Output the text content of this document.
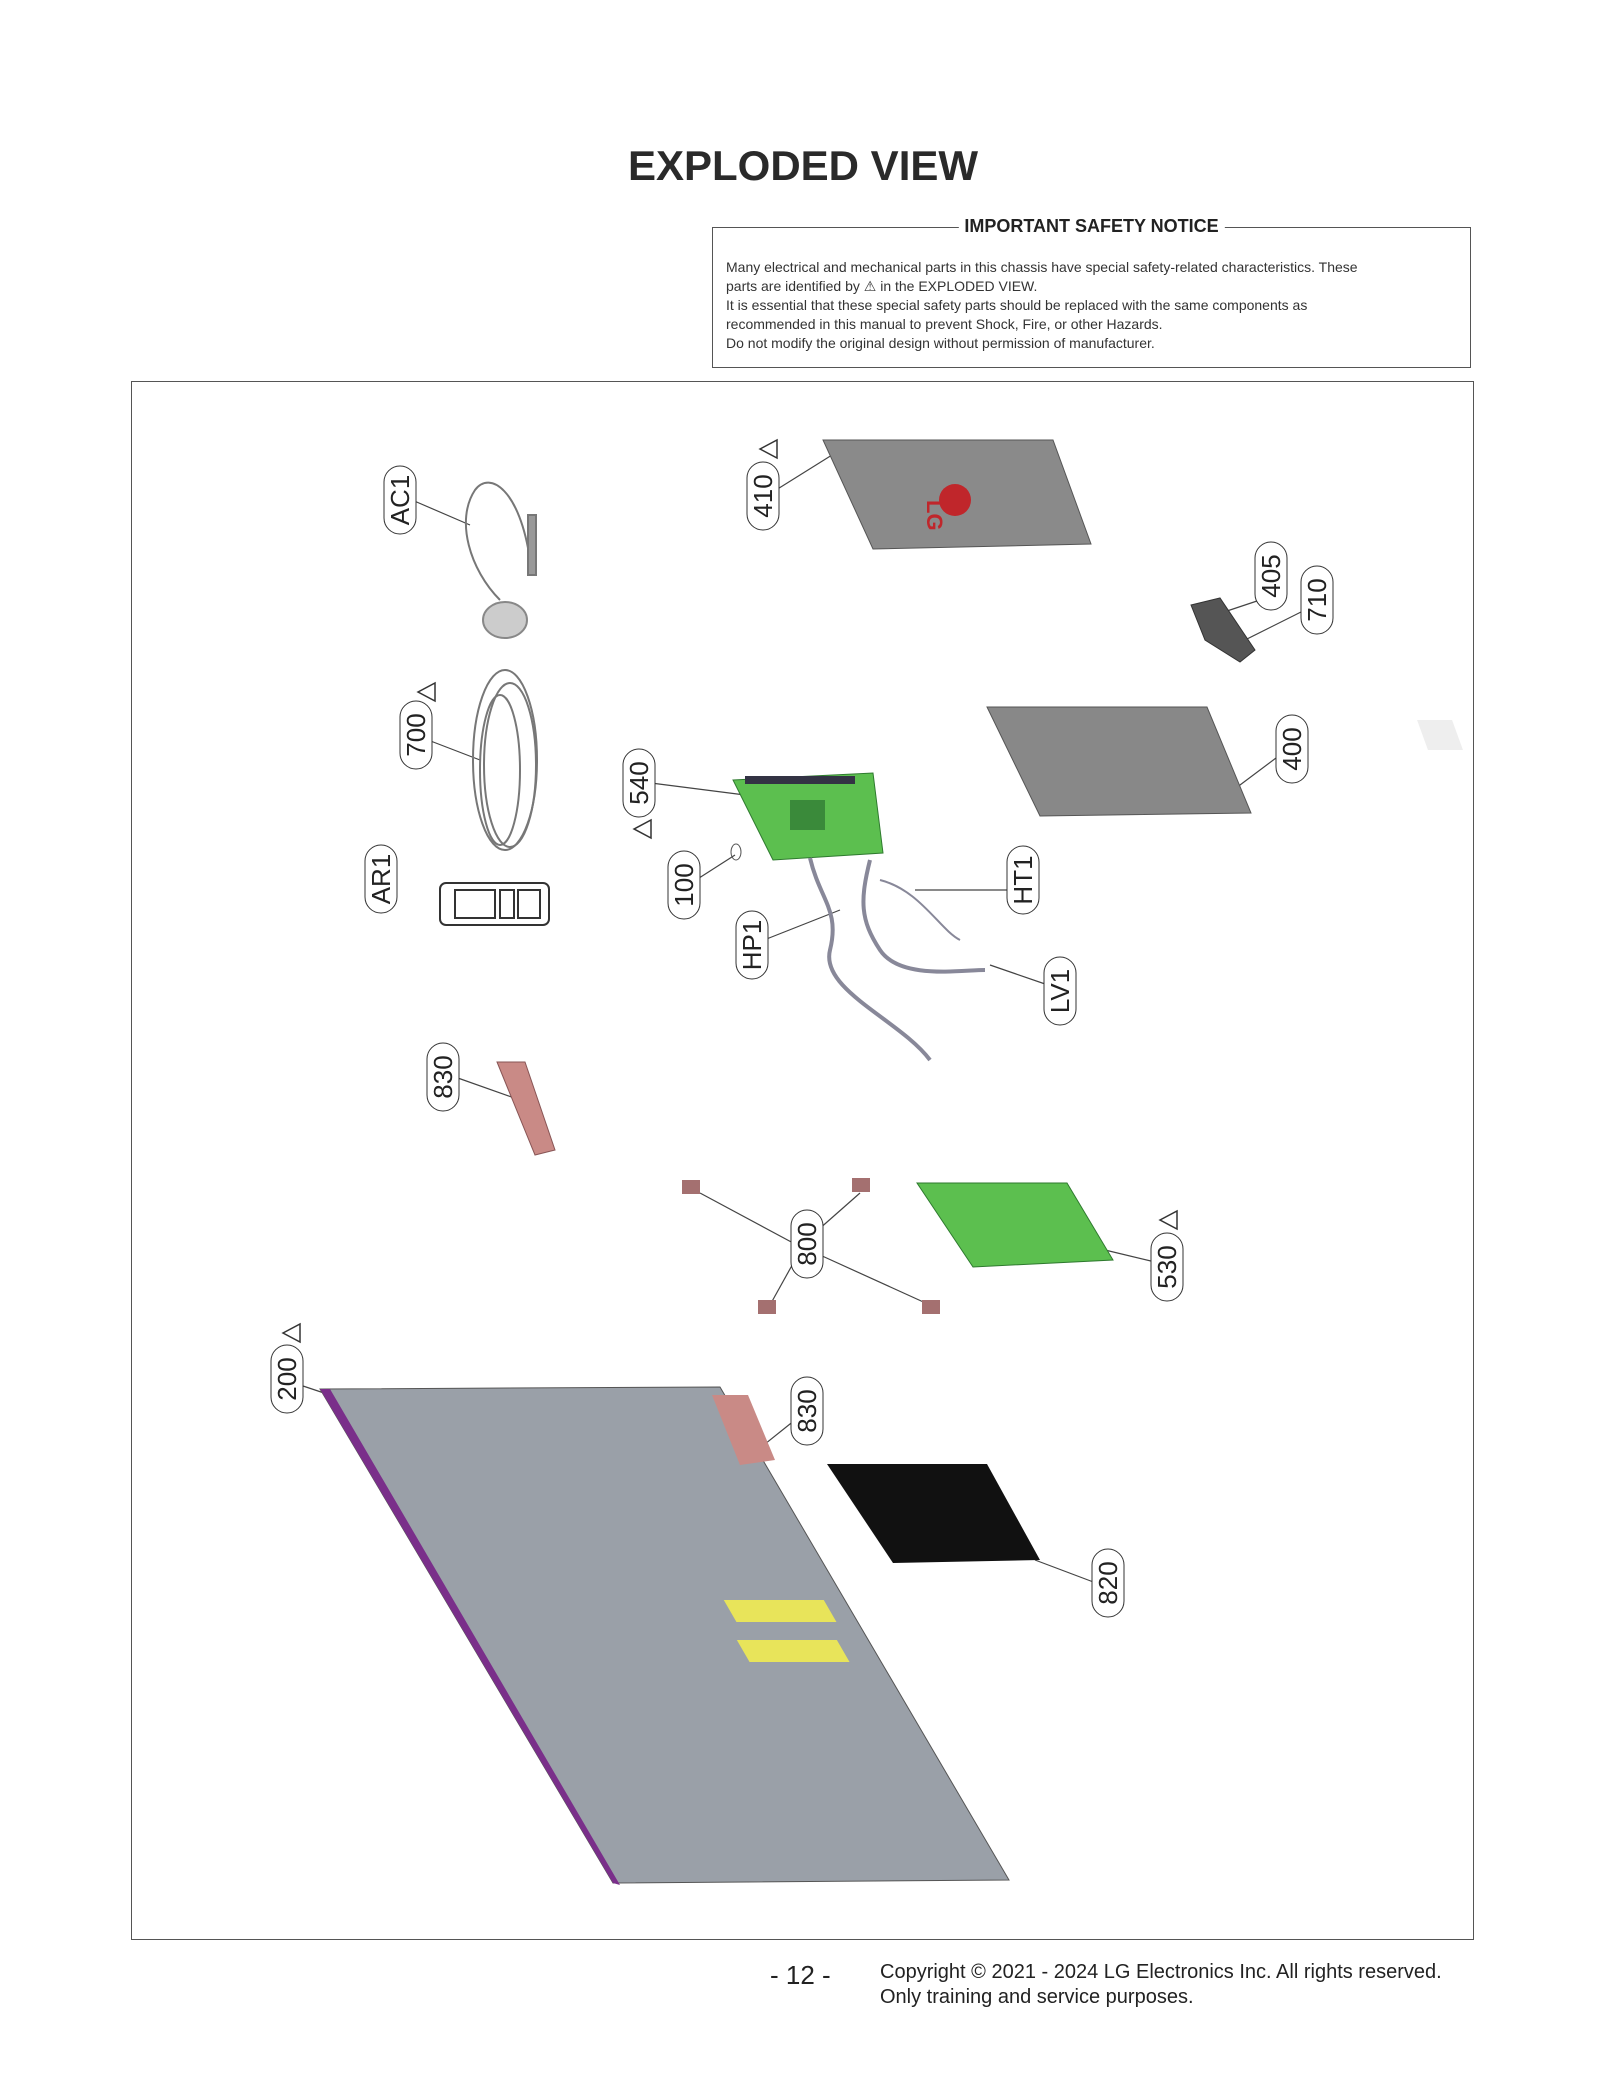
EXPLODED VIEW
IMPORTANT SAFETY NOTICE

Many electrical and mechanical parts in this chassis have special safety-related characteristics. These

parts are identified by ⚠ in the EXPLODED VIEW.

It is essential that these special safety parts should be replaced with the same components as

recommended in this manual to prevent Shock, Fire, or other Hazards.

Do not modify the original design without permission of manufacturer.

LG
AC1	410
405
710
700
540
400
AR1	100	HT1
HP1
LV1
830
800
530
200
830
820
- 12 - Copyright © 2021 - 2024 LG Electronics Inc. All rights reserved.
Only training and service purposes.
